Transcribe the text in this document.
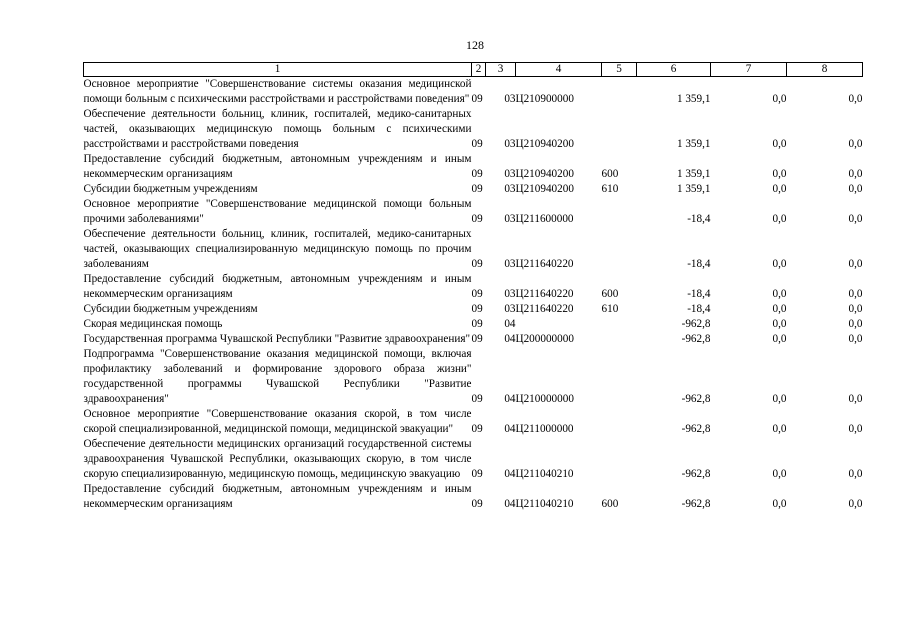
128
1	2	3	4	5	6	7	8
Основное мероприятие "Совершенствование системы оказания медицинской помощи больным с психическими расстройствами и расстройствами поведения"	09	03	Ц210900000		1 359,1	0,0	0,0
Обеспечение деятельности больниц, клиник, госпиталей, медико-санитарных частей, оказывающих медицинскую помощь больным с психическими расстройствами и расстройствами поведения	09	03	Ц210940200		1 359,1	0,0	0,0
Предоставление субсидий бюджетным, автономным учреждениям и иным некоммерческим организациям	09	03	Ц210940200	600	1 359,1	0,0	0,0
Субсидии бюджетным учреждениям	09	03	Ц210940200	610	1 359,1	0,0	0,0
Основное мероприятие "Совершенствование медицинской помощи больным прочими заболеваниями"	09	03	Ц211600000		-18,4	0,0	0,0
Обеспечение деятельности больниц, клиник, госпиталей, медико-санитарных частей, оказывающих специализированную медицинскую помощь по прочим заболеваниям	09	03	Ц211640220		-18,4	0,0	0,0
Предоставление субсидий бюджетным, автономным учреждениям и иным некоммерческим организациям	09	03	Ц211640220	600	-18,4	0,0	0,0
Субсидии бюджетным учреждениям	09	03	Ц211640220	610	-18,4	0,0	0,0
Скорая медицинская помощь	09	04			-962,8	0,0	0,0
Государственная программа Чувашской Республики "Развитие здравоохранения"	09	04	Ц200000000		-962,8	0,0	0,0
Подпрограмма "Совершенствование оказания медицинской помощи, включая профилактику заболеваний и формирование здорового образа жизни" государственной программы Чувашской Республики "Развитие здравоохранения"	09	04	Ц210000000		-962,8	0,0	0,0
Основное мероприятие "Совершенствование оказания скорой, в том числе скорой специализированной, медицинской помощи, медицинской эвакуации"	09	04	Ц211000000		-962,8	0,0	0,0
Обеспечение деятельности медицинских организаций государственной системы здравоохранения Чувашской Республики, оказывающих скорую, в том числе скорую специализированную, медицинскую помощь, медицинскую эвакуацию	09	04	Ц211040210		-962,8	0,0	0,0
Предоставление субсидий бюджетным, автономным учреждениям и иным некоммерческим организациям	09	04	Ц211040210	600	-962,8	0,0	0,0
